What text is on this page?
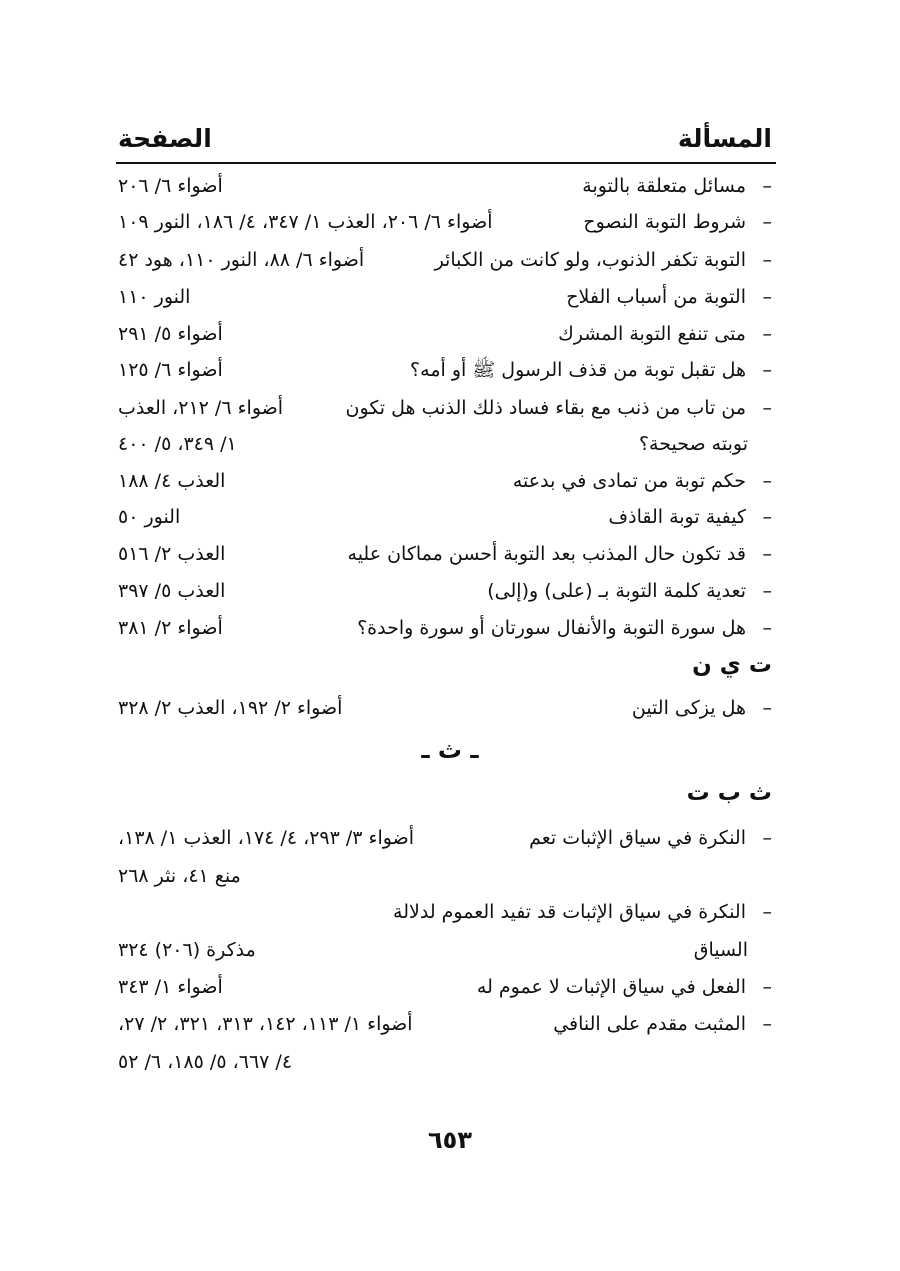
المسألة
الصفحة
–مسائل متعلقة بالتوبة
أضواء ٦/ ٢٠٦
–شروط التوبة النصوح
أضواء ٦/ ٢٠٦، العذب ١/ ٣٤٧، ٤/ ١٨٦، النور ١٠٩
–التوبة تكفر الذنوب، ولو كانت من الكبائر
أضواء ٦/ ٨٨، النور ١١٠، هود ٤٢
–التوبة من أسباب الفلاح
النور ١١٠
–متى تنفع التوبة المشرك
أضواء ٥/ ٢٩١
–هل تقبل توبة من قذف الرسول ﷺ أو أمه؟
أضواء ٦/ ١٢٥
–من تاب من ذنب مع بقاء فساد ذلك الذنب هل تكون
أضواء ٦/ ٢١٢، العذب
توبته صحيحة؟
١/ ٣٤٩، ٥/ ٤٠٠
–حكم توبة من تمادى في بدعته
العذب ٤/ ١٨٨
–كيفية توبة القاذف
النور ٥٠
–قد تكون حال المذنب بعد التوبة أحسن مماكان عليه
العذب ٢/ ٥١٦
–تعدية كلمة التوبة بـ (على) و(إلى)
العذب ٥/ ٣٩٧
–هل سورة التوبة والأنفال سورتان أو سورة واحدة؟
أضواء ٢/ ٣٨١
ت ي ن
–هل يزكى التين
أضواء ٢/ ١٩٢، العذب ٢/ ٣٢٨
ـ ث ـ
ث ب ت
–النكرة في سياق الإثبات تعم
أضواء ٣/ ٢٩٣، ٤/ ١٧٤، العذب ١/ ١٣٨،
منع ٤١، نثر ٢٦٨
–النكرة في سياق الإثبات قد تفيد العموم لدلالة
السياق
مذكرة (٢٠٦) ٣٢٤
–الفعل في سياق الإثبات لا عموم له
أضواء ١/ ٣٤٣
–المثبت مقدم على النافي
أضواء ١/ ١١٣، ١٤٢، ٣١٣، ٣٢١، ٢/ ٢٧،
٤/ ٦٦٧، ٥/ ١٨٥، ٦/ ٥٢
٦٥٣
